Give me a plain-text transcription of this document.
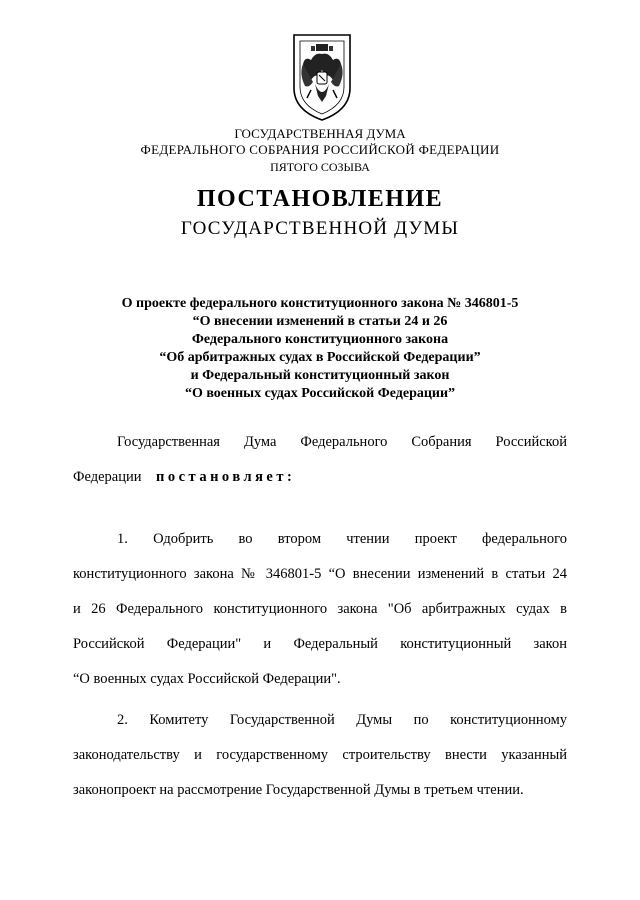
ГОСУДАРСТВЕННАЯ ДУМА
ФЕДЕРАЛЬНОГО СОБРАНИЯ РОССИЙСКОЙ ФЕДЕРАЦИИ
ПЯТОГО СОЗЫВА
ПОСТАНОВЛЕНИЕ
ГОСУДАРСТВЕННОЙ ДУМЫ
О проекте федерального конституционного закона № 346801-5
“О внесении изменений в статьи 24 и 26
Федерального конституционного закона
“Об арбитражных судах в Российской Федерации”
и Федеральный конституционный закон
“О военных судах Российской Федерации”
Государственная Дума Федерального Собрания Российской
Федерации постановляет:
1. Одобрить во втором чтении проект федерального
конституционного закона № 346801-5 “О внесении изменений в статьи 24
и 26 Федерального конституционного закона "Об арбитражных судах в
Российской Федерации" и Федеральный конституционный закон
“О военных судах Российской Федерации".
2. Комитету Государственной Думы по конституционному
законодательству и государственному строительству внести указанный
законопроект на рассмотрение Государственной Думы в третьем чтении.
